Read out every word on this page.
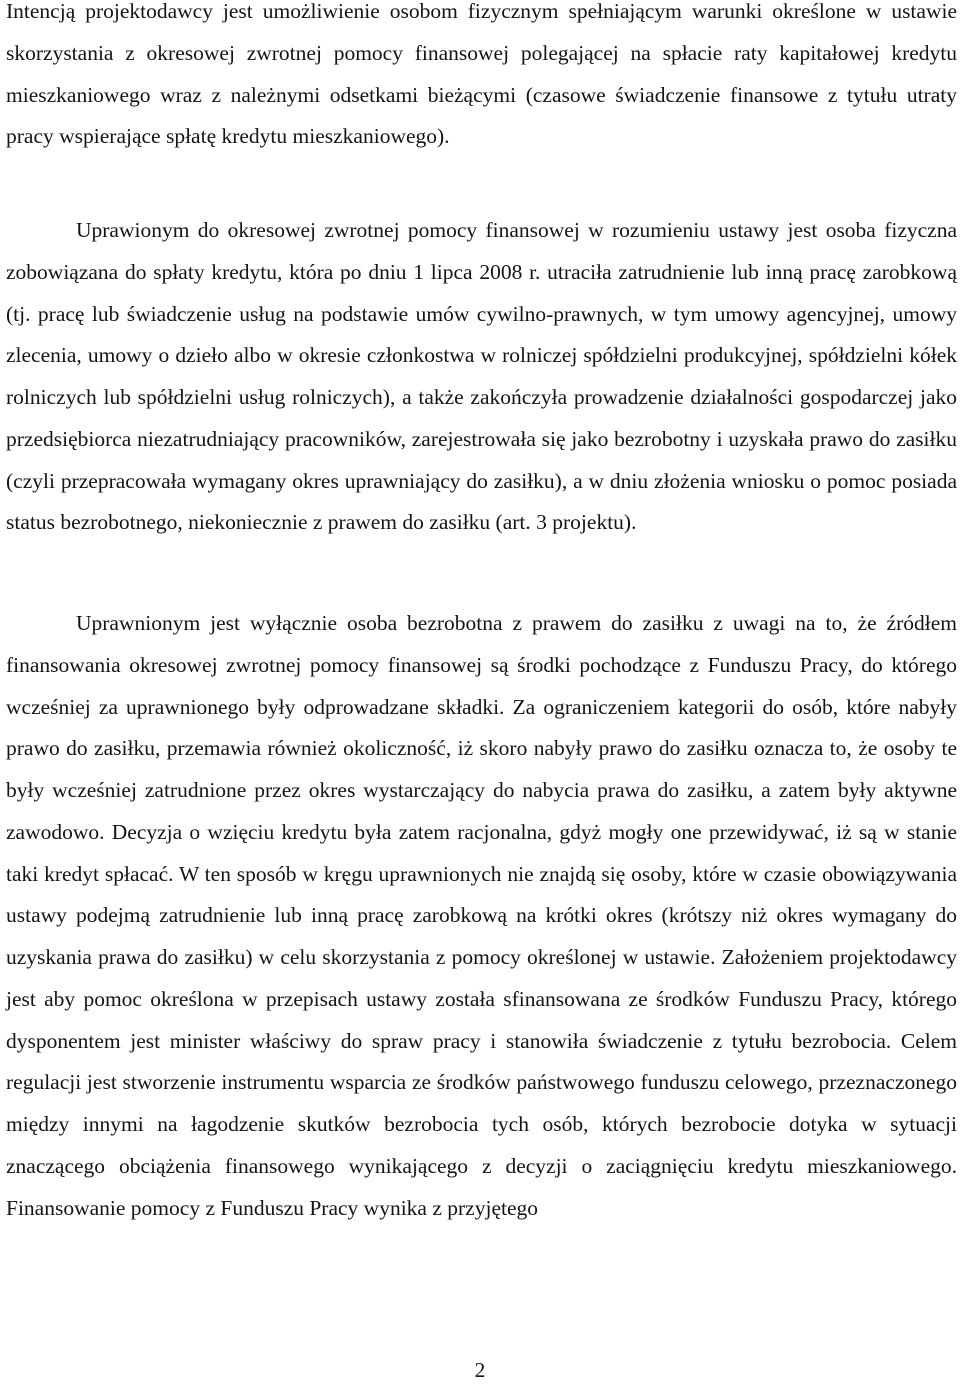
Intencją projektodawcy jest umożliwienie osobom fizycznym spełniającym warunki określone w ustawie skorzystania z okresowej zwrotnej pomocy finansowej polegającej na spłacie raty kapitałowej kredytu mieszkaniowego wraz z należnymi odsetkami bieżącymi (czasowe świadczenie finansowe z tytułu utraty pracy wspierające spłatę kredytu mieszkaniowego).

Uprawionym do okresowej zwrotnej pomocy finansowej w rozumieniu ustawy jest osoba fizyczna zobowiązana do spłaty kredytu, która po dniu 1 lipca 2008 r. utraciła zatrudnienie lub inną pracę zarobkową (tj. pracę lub świadczenie usług na podstawie umów cywilno-prawnych, w tym umowy agencyjnej, umowy zlecenia, umowy o dzieło albo w okresie członkostwa w rolniczej spółdzielni produkcyjnej, spółdzielni kółek rolniczych lub spółdzielni usług rolniczych), a także zakończyła prowadzenie działalności gospodarczej jako przedsiębiorca niezatrudniający pracowników, zarejestrowała się jako bezrobotny i uzyskała prawo do zasiłku (czyli przepracowała wymagany okres uprawniający do zasiłku), a w dniu złożenia wniosku o pomoc posiada status bezrobotnego, niekoniecznie z prawem do zasiłku (art. 3 projektu).

Uprawnionym jest wyłącznie osoba bezrobotna z prawem do zasiłku z uwagi na to, że źródłem finansowania okresowej zwrotnej pomocy finansowej są środki pochodzące z Funduszu Pracy, do którego wcześniej za uprawnionego były odprowadzane składki. Za ograniczeniem kategorii do osób, które nabyły prawo do zasiłku, przemawia również okoliczność, iż skoro nabyły prawo do zasiłku oznacza to, że osoby te były wcześniej zatrudnione przez okres wystarczający do nabycia prawa do zasiłku, a zatem były aktywne zawodowo. Decyzja o wzięciu kredytu była zatem racjonalna, gdyż mogły one przewidywać, iż są w stanie taki kredyt spłacać. W ten sposób w kręgu uprawnionych nie znajdą się osoby, które w czasie obowiązywania ustawy podejmą zatrudnienie lub inną pracę zarobkową na krótki okres (krótszy niż okres wymagany do uzyskania prawa do zasiłku) w celu skorzystania z pomocy określonej w ustawie. Założeniem projektodawcy jest aby pomoc określona w przepisach ustawy została sfinansowana ze środków Funduszu Pracy, którego dysponentem jest minister właściwy do spraw pracy i stanowiła świadczenie z tytułu bezrobocia. Celem regulacji jest stworzenie instrumentu wsparcia ze środków państwowego funduszu celowego, przeznaczonego między innymi na łagodzenie skutków bezrobocia tych osób, których bezrobocie dotyka w sytuacji znaczącego obciążenia finansowego wynikającego z decyzji o zaciągnięciu kredytu mieszkaniowego. Finansowanie pomocy z Funduszu Pracy wynika z przyjętego

2
